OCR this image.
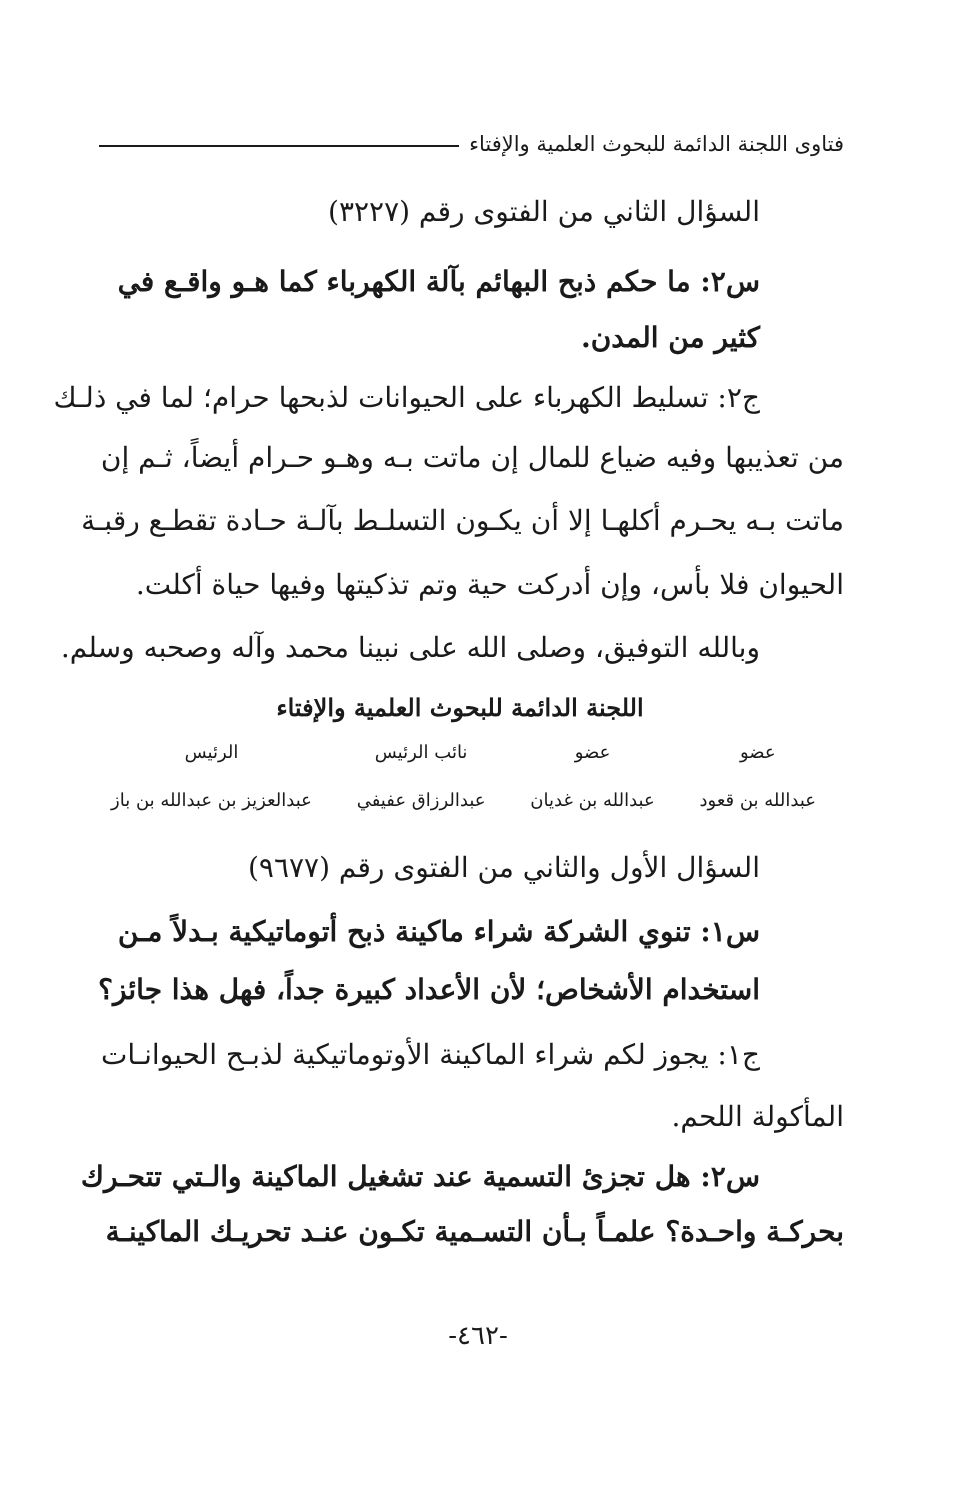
فتاوى اللجنة الدائمة للبحوث العلمية والإفتاء
السؤال الثاني من الفتوى رقم (٣٢٢٧)
س٢: ما حكم ذبح البهائم بآلة الكهرباء كما هـو واقـع في
كثير من المدن.
ج٢: تسليط الكهرباء على الحيوانات لذبحها حرام؛ لما في ذلـك
من تعذيبها وفيه ضياع للمال إن ماتت بـه وهـو حـرام أيضاً، ثـم إن
ماتت بـه يحـرم أكلهـا إلا أن يكـون التسلـط بآلـة حـادة تقطـع رقبـة
الحيوان فلا بأس، وإن أدركت حية وتم تذكيتها وفيها حياة أكلت.
وبالله التوفيق، وصلى الله على نبينا محمد وآله وصحبه وسلم.
اللجنة الدائمة للبحوث العلمية والإفتاء
عضو
عبدالله بن قعود
عضو
عبدالله بن غديان
نائب الرئيس
عبدالرزاق عفيفي
الرئيس
عبدالعزيز بن عبدالله بن باز
السؤال الأول والثاني من الفتوى رقم (٩٦٧٧)
س١: تنوي الشركة شراء ماكينة ذبح أتوماتيكية بـدلاً مـن
استخدام الأشخاص؛ لأن الأعداد كبيرة جداً، فهل هذا جائز؟
ج١: يجوز لكم شراء الماكينة الأوتوماتيكية لذبـح الحيوانـات
المأكولة اللحم.
س٢: هل تجزئ التسمية عند تشغيل الماكينة والـتي تتحـرك
بحركـة واحـدة؟ علمـاً بـأن التسـمية تكـون عنـد تحريـك الماكينـة
-٤٦٢-
